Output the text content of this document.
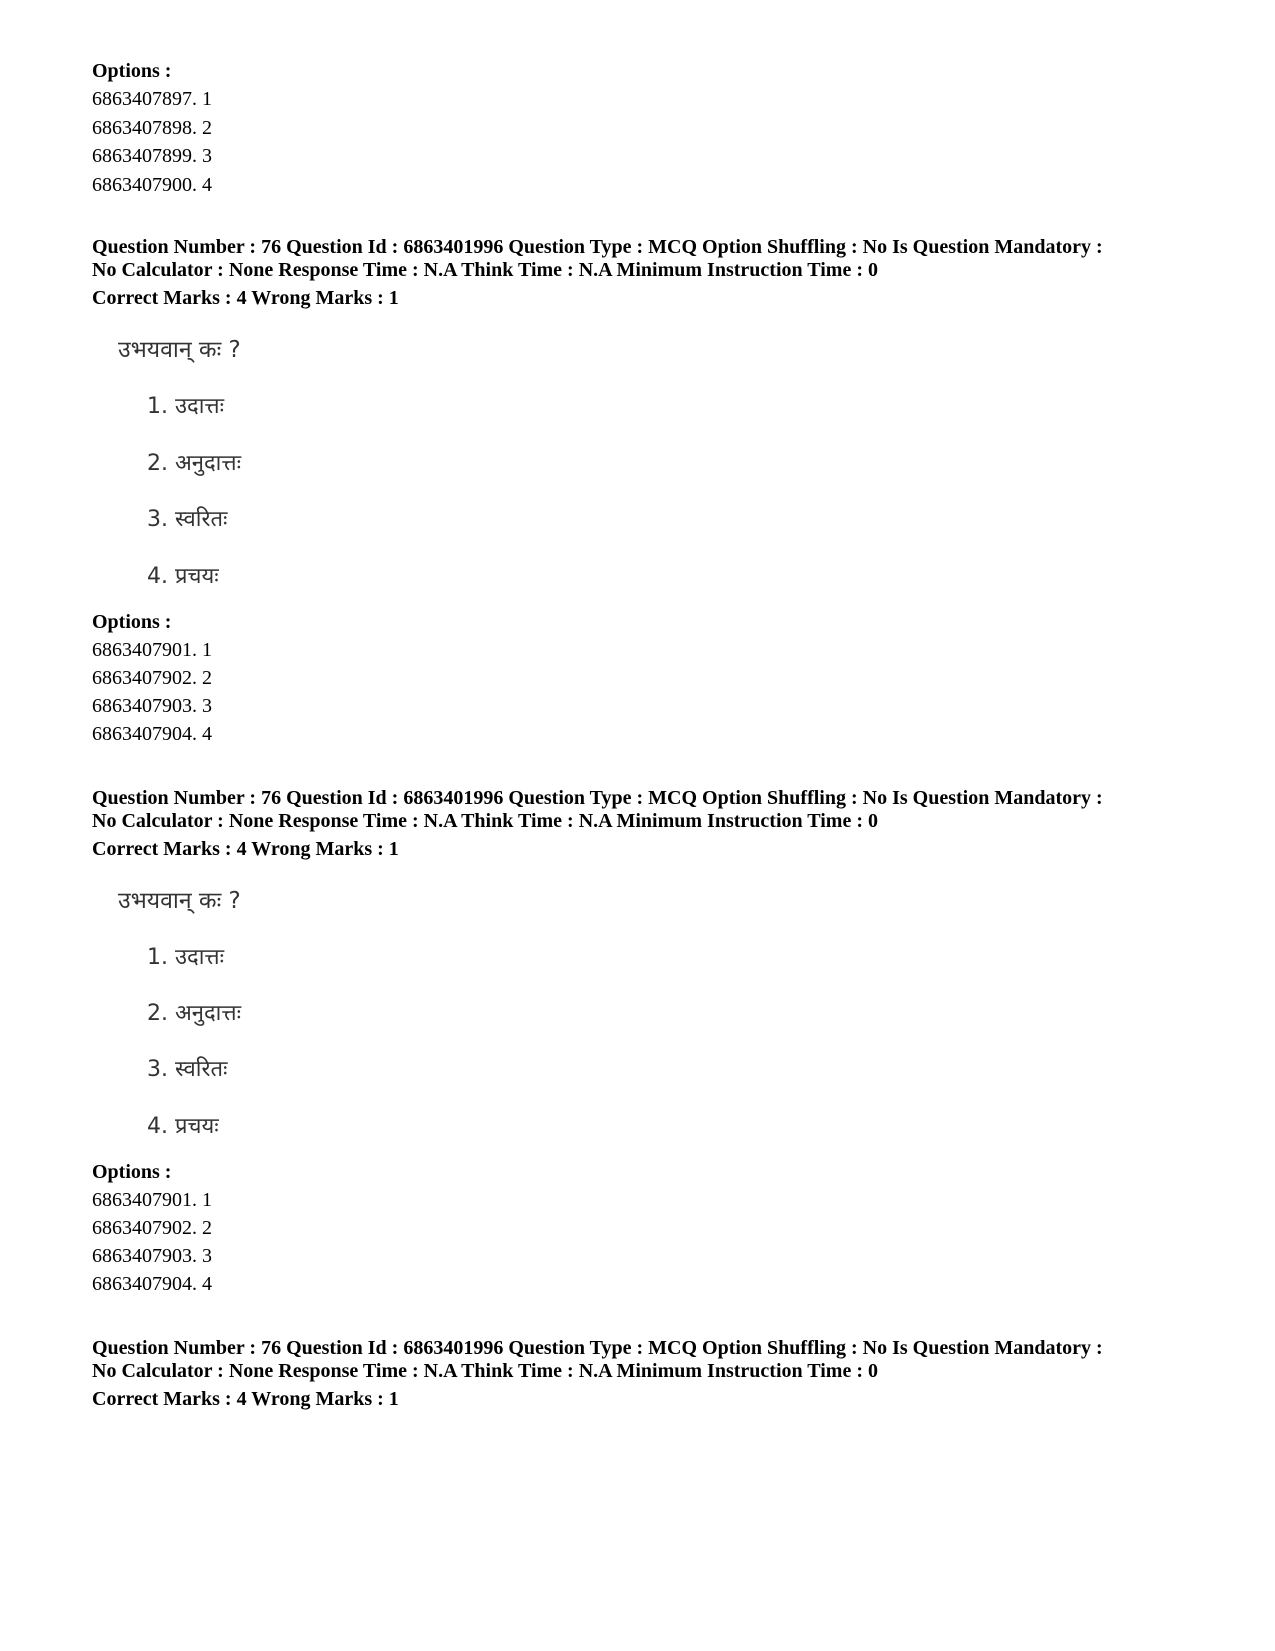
Options :
6863407897. 1
6863407898. 2
6863407899. 3
6863407900. 4
Question Number : 76 Question Id : 6863401996 Question Type : MCQ Option Shuffling : No Is Question Mandatory :
No Calculator : None Response Time : N.A Think Time : N.A Minimum Instruction Time : 0
Correct Marks : 4 Wrong Marks : 1
उभयवान् कः ?
1. उदात्तः
2. अनुदात्तः
3. स्वरितः
4. प्रचयः
Options :
6863407901. 1
6863407902. 2
6863407903. 3
6863407904. 4
Question Number : 76 Question Id : 6863401996 Question Type : MCQ Option Shuffling : No Is Question Mandatory :
No Calculator : None Response Time : N.A Think Time : N.A Minimum Instruction Time : 0
Correct Marks : 4 Wrong Marks : 1
उभयवान् कः ?
1. उदात्तः
2. अनुदात्तः
3. स्वरितः
4. प्रचयः
Options :
6863407901. 1
6863407902. 2
6863407903. 3
6863407904. 4
Question Number : 76 Question Id : 6863401996 Question Type : MCQ Option Shuffling : No Is Question Mandatory :
No Calculator : None Response Time : N.A Think Time : N.A Minimum Instruction Time : 0
Correct Marks : 4 Wrong Marks : 1
